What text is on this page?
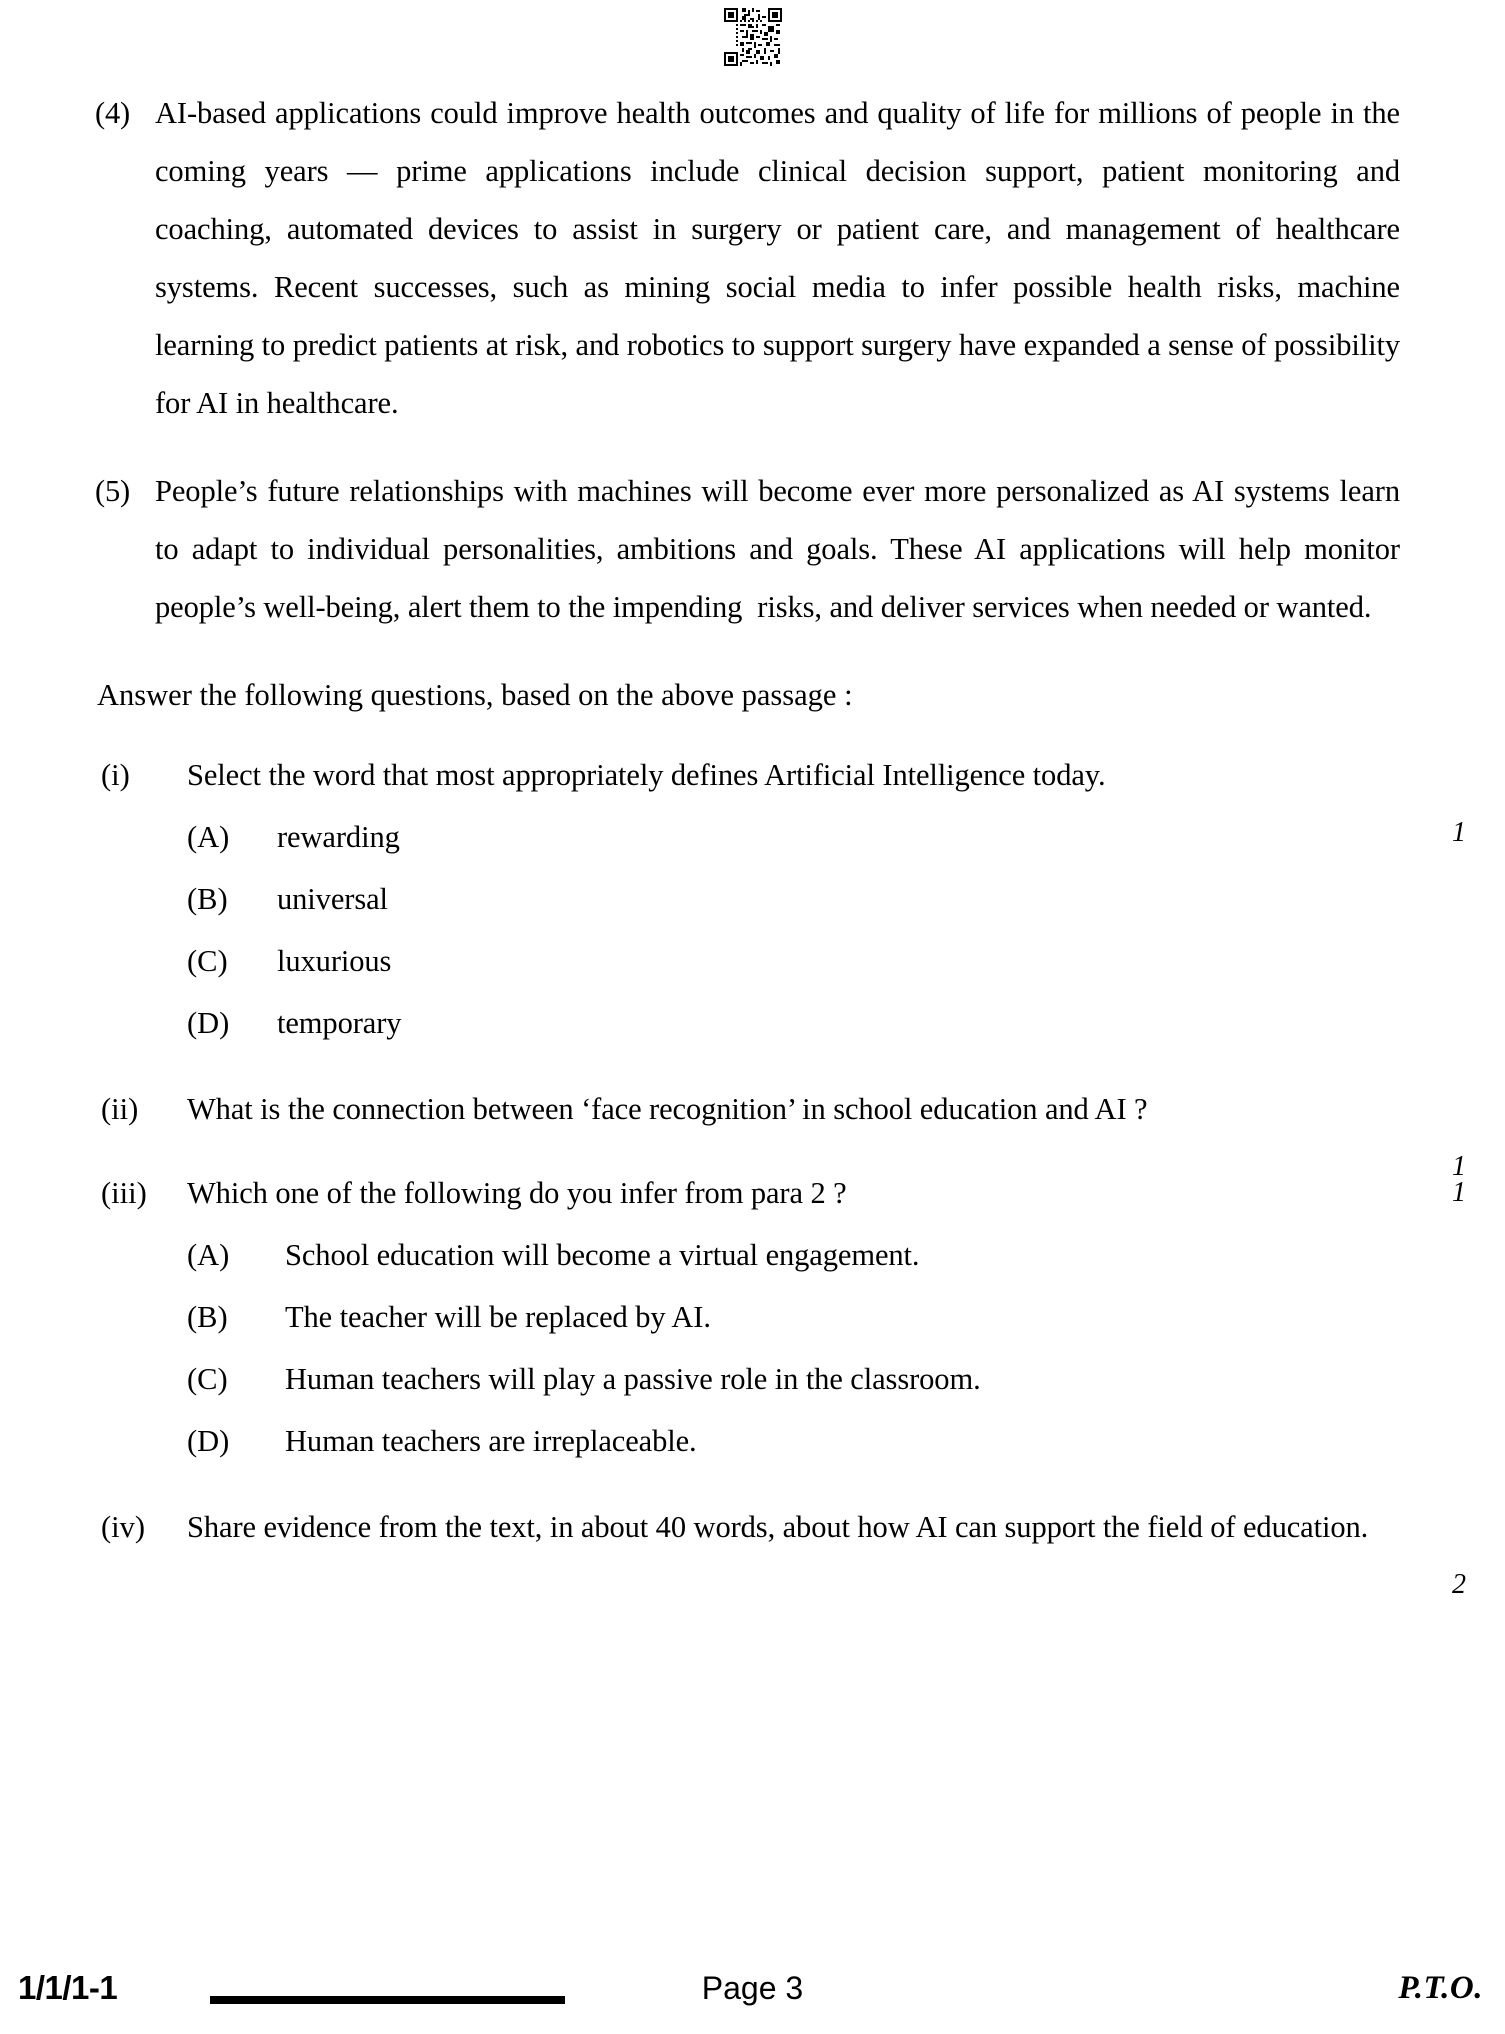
(4) AI-based applications could improve health outcomes and quality of life for millions of people in the coming years — prime applications include clinical decision support, patient monitoring and coaching, automated devices to assist in surgery or patient care, and management of healthcare systems. Recent successes, such as mining social media to infer possible health risks, machine learning to predict patients at risk, and robotics to support surgery have expanded a sense of possibility for AI in healthcare.
(5) People’s future relationships with machines will become ever more personalized as AI systems learn to adapt to individual personalities, ambitions and goals. These AI applications will help monitor people’s well-being, alert them to the impending  risks, and deliver services when needed or wanted.
Answer the following questions, based on the above passage :
(i)	Select the word that most appropriately defines Artificial Intelligence today.
1
(A)	rewarding
(B)	universal
(C)	luxurious
(D)	temporary
(ii)	What is the connection between ‘face recognition’ in school education and AI ?
1
(iii)	Which one of the following do you infer from para 2 ?	1
(A)	School education will become a virtual engagement.
(B)	The teacher will be replaced by AI.
(C)	Human teachers will play a passive role in the classroom.
(D)	Human teachers are irreplaceable.
(iv)	Share evidence from the text, in about 40 words, about how AI can support the field of education.
2
1/1/1-1	Page 3	P.T.O.
